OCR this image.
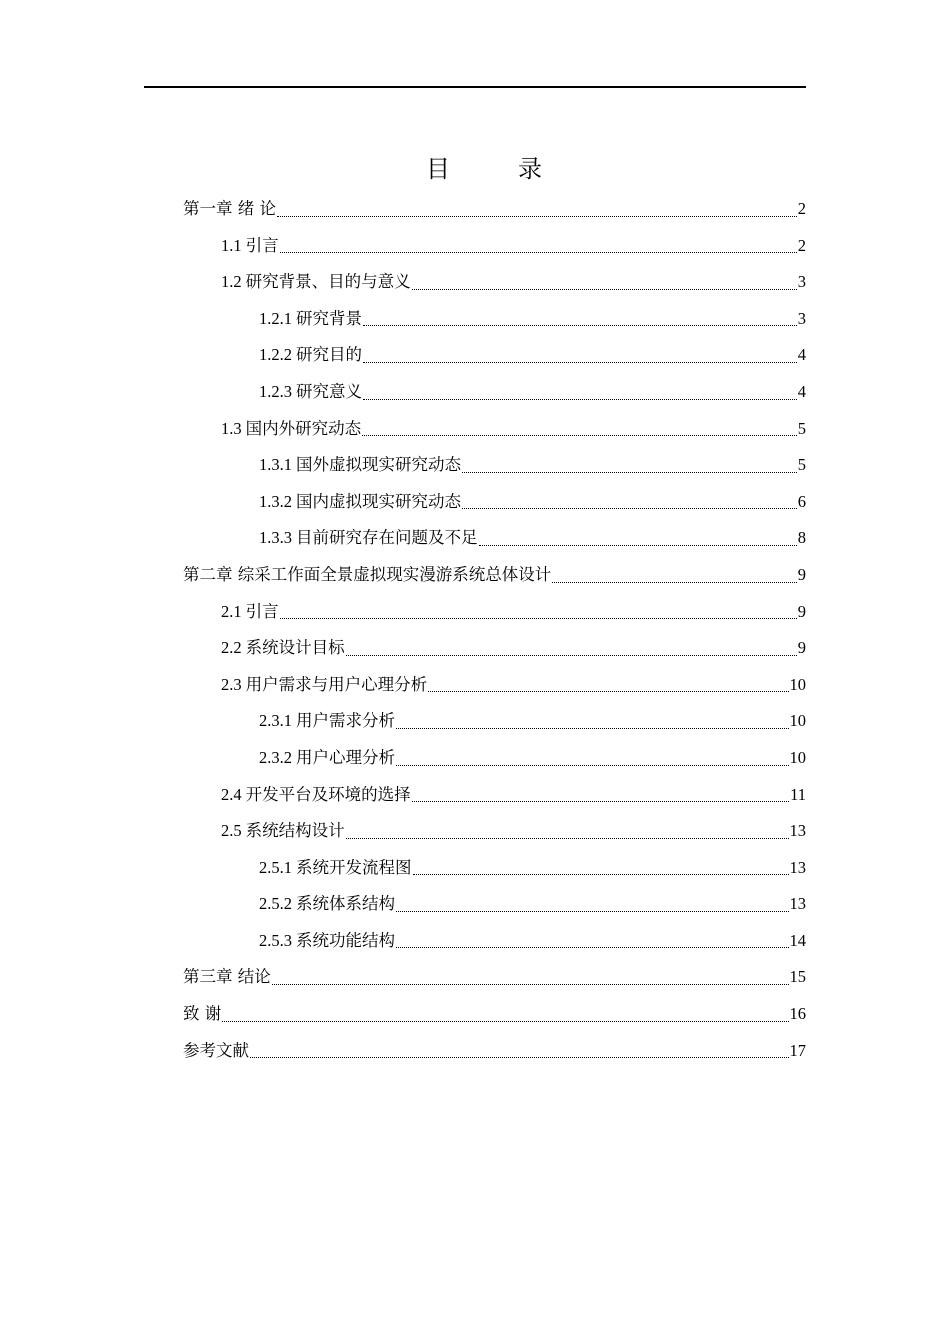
目　录
第一章 绪 论	2
1.1 引言	2
1.2 研究背景、目的与意义	3
1.2.1 研究背景	3
1.2.2 研究目的	4
1.2.3 研究意义	4
1.3 国内外研究动态	5
1.3.1 国外虚拟现实研究动态	5
1.3.2 国内虚拟现实研究动态	6
1.3.3 目前研究存在问题及不足	8
第二章 综采工作面全景虚拟现实漫游系统总体设计	9
2.1 引言	9
2.2 系统设计目标	9
2.3 用户需求与用户心理分析	10
2.3.1 用户需求分析	10
2.3.2 用户心理分析	10
2.4 开发平台及环境的选择	11
2.5 系统结构设计	13
2.5.1 系统开发流程图	13
2.5.2 系统体系结构	13
2.5.3 系统功能结构	14
第三章 结论	15
致 谢	16
参考文献	17
